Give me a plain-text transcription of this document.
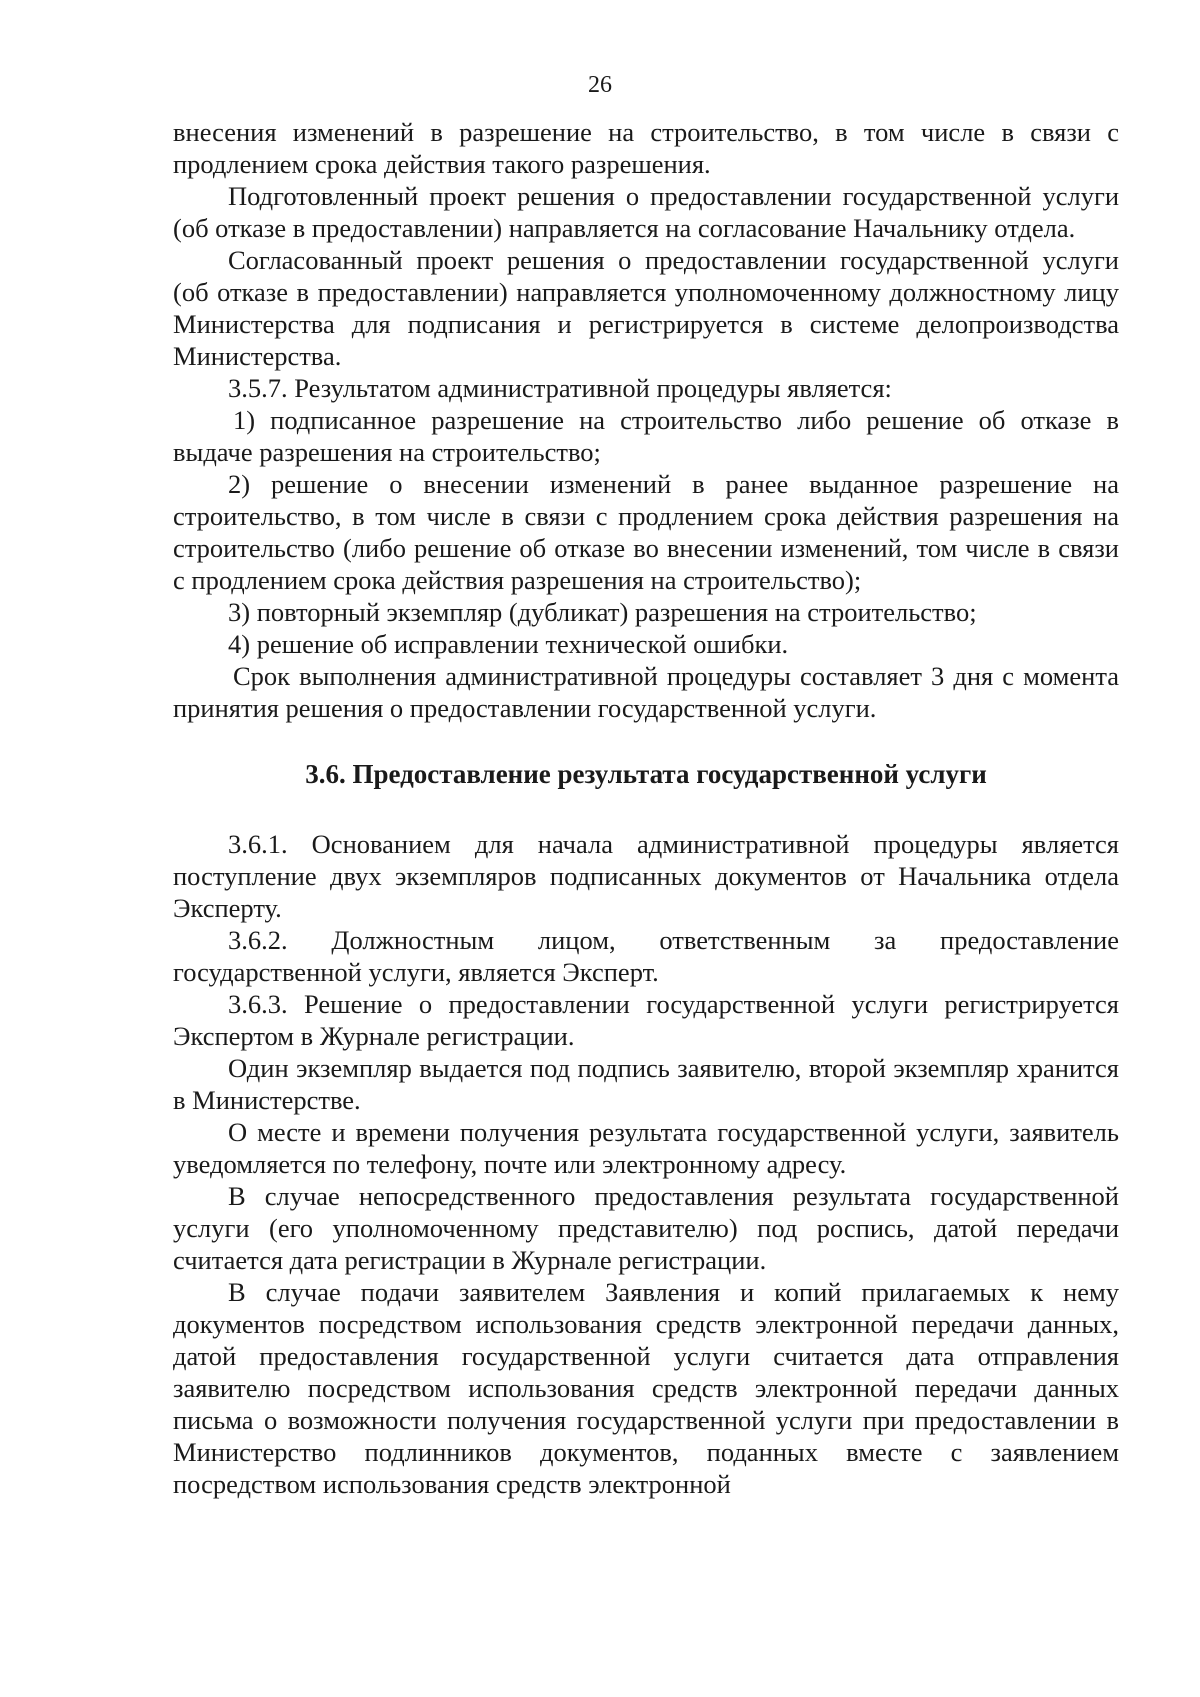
26

внесения изменений в разрешение на строительство, в том числе в связи с продлением срока действия такого разрешения.

Подготовленный проект решения о предоставлении государственной услуги (об отказе в предоставлении) направляется на согласование Начальнику отдела.

Согласованный проект решения о предоставлении государственной услуги (об отказе в предоставлении) направляется уполномоченному должностному лицу Министерства для подписания и регистрируется в системе делопроизводства Министерства.

3.5.7. Результатом административной процедуры является:

1) подписанное разрешение на строительство либо решение об отказе в выдаче разрешения на строительство;

2) решение о внесении изменений в ранее выданное разрешение на строительство, в том числе в связи с продлением срока действия разрешения на строительство (либо решение об отказе во внесении изменений, том числе в связи с продлением срока действия разрешения на строительство);

3) повторный экземпляр (дубликат) разрешения на строительство;

4) решение об исправлении технической ошибки.

Срок выполнения административной процедуры составляет 3 дня с момента принятия решения о предоставлении государственной услуги.

3.6. Предоставление результата государственной услуги

3.6.1. Основанием для начала административной процедуры является поступление двух экземпляров подписанных документов от Начальника отдела Эксперту.

3.6.2. Должностным лицом, ответственным за предоставление государственной услуги, является Эксперт.

3.6.3. Решение о предоставлении государственной услуги регистрируется Экспертом в Журнале регистрации.

Один экземпляр выдается под подпись заявителю, второй экземпляр хранится в Министерстве.

О месте и времени получения результата государственной услуги, заявитель уведомляется по телефону, почте или электронному адресу.

В случае непосредственного предоставления результата государственной услуги (его уполномоченному представителю) под роспись, датой передачи считается дата регистрации в Журнале регистрации.

В случае подачи заявителем Заявления и копий прилагаемых к нему документов посредством использования средств электронной передачи данных, датой предоставления государственной услуги считается дата отправления заявителю посредством использования средств электронной передачи данных письма о возможности получения государственной услуги при предоставлении в Министерство подлинников документов, поданных вместе с заявлением посредством использования средств электронной
